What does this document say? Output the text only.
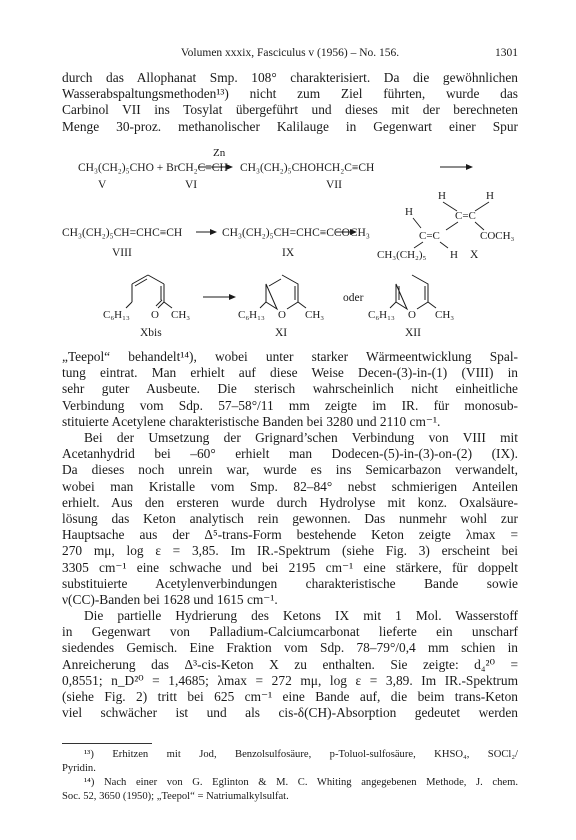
Volumen xxxix, Fasciculus v (1956) – No. 156.	1301
durch das Allophanat Smp. 108° charakterisiert. Da die gewöhnlichen
Wasserabspaltungsmethoden¹³) nicht zum Ziel führten, wurde das
Carbinol VII ins Tosylat übergeführt und dieses mit der berechneten
Menge 30-proz. methanolischer Kalilauge in Gegenwart einer Spur
Zn
CH₃(CH₂)₅CHO + BrCH₂C≡CH CH₃(CH₂)₅CHOHCH₂C≡CH
V	VI	VII
CH₃(CH₂)₅CH=CHC≡CH	CH₃(CH₂)₅CH=CHC≡CCOCH₃
VIII	IX
H	H
C=C
H
C=C	COCH₃
CH₃(CH₂)₅ H X
C₆H₁₃ O CH₃
Xbis
C₆H₁₃ O CH₃
XI
oder
C₆H₁₃ O CH₃
XII
„Teepol“ behandelt¹⁴), wobei unter starker Wärmeentwicklung Spal-
tung eintrat. Man erhielt auf diese Weise Decen-(3)-in-(1) (VIII) in
sehr guter Ausbeute. Die sterisch wahrscheinlich nicht einheitliche
Verbindung vom Sdp. 57–58°/11 mm zeigte im IR. für monosub-
stituierte Acetylene charakteristische Banden bei 3280 und 2110 cm⁻¹.
Bei der Umsetzung der Grignard’schen Verbindung von VIII mit
Acetanhydrid bei –60° erhielt man Dodecen-(5)-in-(3)-on-(2) (IX).
Da dieses noch unrein war, wurde es ins Semicarbazon verwandelt,
wobei man Kristalle vom Smp. 82–84° nebst schmierigen Anteilen
erhielt. Aus den ersteren wurde durch Hydrolyse mit konz. Oxalsäure-
lösung das Keton analytisch rein gewonnen. Das nunmehr wohl zur
Hauptsache aus der Δ⁵-trans-Form bestehende Keton zeigte λmax =
270 mμ, log ε = 3,85. Im IR.-Spektrum (siehe Fig. 3) erscheint bei
3305 cm⁻¹ eine schwache und bei 2195 cm⁻¹ eine stärkere, für doppelt
substituierte Acetylenverbindungen charakteristische Bande sowie
ν(CC)-Banden bei 1628 und 1615 cm⁻¹.
Die partielle Hydrierung des Ketons IX mit 1 Mol. Wasserstoff
in Gegenwart von Palladium-Calciumcarbonat lieferte ein unscharf
siedendes Gemisch. Eine Fraktion vom Sdp. 78–79°/0,4 mm schien in
Anreicherung das Δ³-cis-Keton X zu enthalten. Sie zeigte: d₄²⁰ =
0,8551; n_D²⁰ = 1,4685; λmax = 272 mμ, log ε = 3,89. Im IR.-Spektrum
(siehe Fig. 2) tritt bei 625 cm⁻¹ eine Bande auf, die beim trans-Keton
viel schwächer ist und als cis-δ(CH)-Absorption gedeutet werden
¹³) Erhitzen mit Jod, Benzolsulfosäure, p-Toluol-sulfosäure, KHSO₄, SOCl₂/
Pyridin.
¹⁴) Nach einer von G. Eglinton & M. C. Whiting angegebenen Methode, J. chem.
Soc. 52, 3650 (1950); „Teepol“ = Natriumalkylsulfat.
